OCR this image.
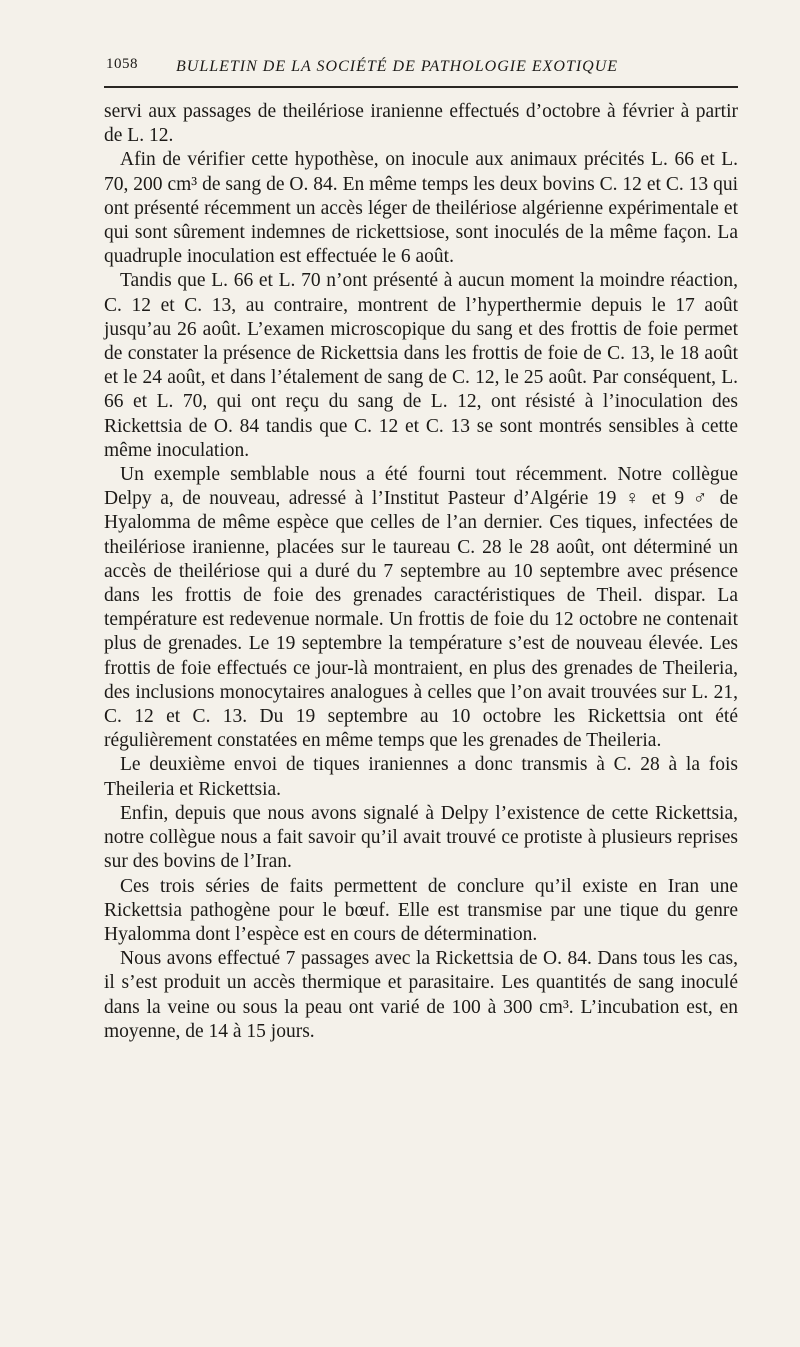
1058 BULLETIN DE LA SOCIÉTÉ DE PATHOLOGIE EXOTIQUE

servi aux passages de theilériose iranienne effectués d’octobre à février à partir de L. 12.

Afin de vérifier cette hypothèse, on inocule aux animaux précités L. 66 et L. 70, 200 cm³ de sang de O. 84. En même temps les deux bovins C. 12 et C. 13 qui ont présenté récemment un accès léger de theilériose algérienne expérimentale et qui sont sûrement indemnes de rickettsiose, sont inoculés de la même façon. La quadruple inoculation est effectuée le 6 août.

Tandis que L. 66 et L. 70 n’ont présenté à aucun moment la moindre réaction, C. 12 et C. 13, au contraire, montrent de l’hyperthermie depuis le 17 août jusqu’au 26 août. L’examen microscopique du sang et des frottis de foie permet de constater la présence de Rickettsia dans les frottis de foie de C. 13, le 18 août et le 24 août, et dans l’étalement de sang de C. 12, le 25 août. Par conséquent, L. 66 et L. 70, qui ont reçu du sang de L. 12, ont résisté à l’inoculation des Rickettsia de O. 84 tandis que C. 12 et C. 13 se sont montrés sensibles à cette même inoculation.

Un exemple semblable nous a été fourni tout récemment. Notre collègue Delpy a, de nouveau, adressé à l’Institut Pasteur d’Algérie 19 ♀ et 9 ♂ de Hyalomma de même espèce que celles de l’an dernier. Ces tiques, infectées de theilériose iranienne, placées sur le taureau C. 28 le 28 août, ont déterminé un accès de theilériose qui a duré du 7 septembre au 10 septembre avec présence dans les frottis de foie des grenades caractéristiques de Theil. dispar. La température est redevenue normale. Un frottis de foie du 12 octobre ne contenait plus de grenades. Le 19 septembre la température s’est de nouveau élevée. Les frottis de foie effectués ce jour-là montraient, en plus des grenades de Theileria, des inclusions monocytaires analogues à celles que l’on avait trouvées sur L. 21, C. 12 et C. 13. Du 19 septembre au 10 octobre les Rickettsia ont été régulièrement constatées en même temps que les grenades de Theileria.

Le deuxième envoi de tiques iraniennes a donc transmis à C. 28 à la fois Theileria et Rickettsia.

Enfin, depuis que nous avons signalé à Delpy l’existence de cette Rickettsia, notre collègue nous a fait savoir qu’il avait trouvé ce protiste à plusieurs reprises sur des bovins de l’Iran.

Ces trois séries de faits permettent de conclure qu’il existe en Iran une Rickettsia pathogène pour le bœuf. Elle est transmise par une tique du genre Hyalomma dont l’espèce est en cours de détermination.

Nous avons effectué 7 passages avec la Rickettsia de O. 84. Dans tous les cas, il s’est produit un accès thermique et parasitaire. Les quantités de sang inoculé dans la veine ou sous la peau ont varié de 100 à 300 cm³. L’incubation est, en moyenne, de 14 à 15 jours.
